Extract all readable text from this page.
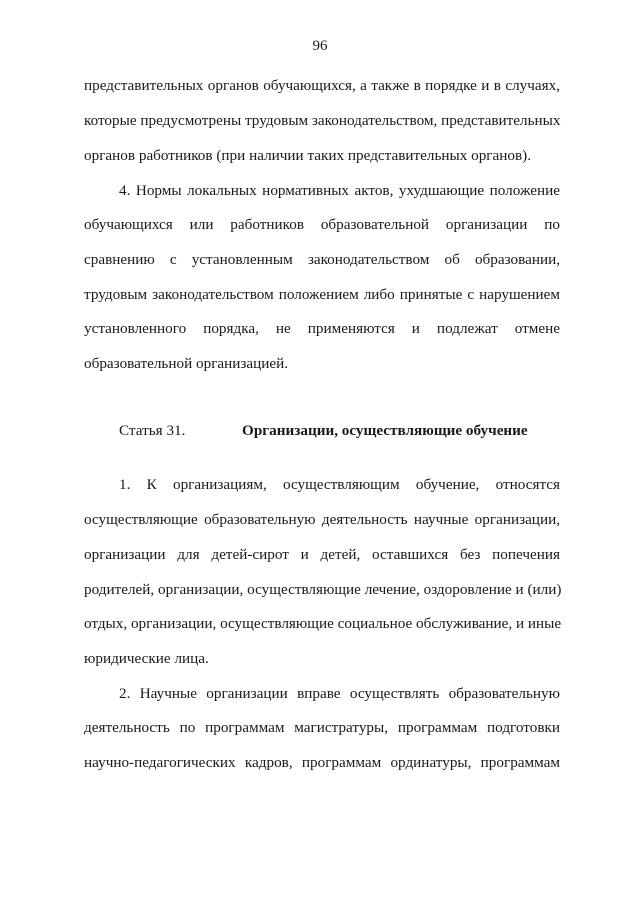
96
представительных органов обучающихся, а также в порядке и в случаях,
которые предусмотрены трудовым законодательством, представительных
органов работников (при наличии таких представительных органов).
4. Нормы локальных нормативных актов, ухудшающие положение
обучающихся или работников образовательной организации по
сравнению с установленным законодательством об образовании,
трудовым законодательством положением либо принятые с нарушением
установленного порядка, не применяются и подлежат отмене
образовательной организацией.
Статья 31.	Организации, осуществляющие обучение
1. К организациям, осуществляющим обучение, относятся
осуществляющие образовательную деятельность научные организации,
организации для детей-сирот и детей, оставшихся без попечения
родителей, организации, осуществляющие лечение, оздоровление и (или)
отдых, организации, осуществляющие социальное обслуживание, и иные
юридические лица.
2. Научные организации вправе осуществлять образовательную
деятельность по программам магистратуры, программам подготовки
научно-педагогических кадров, программам ординатуры, программам
